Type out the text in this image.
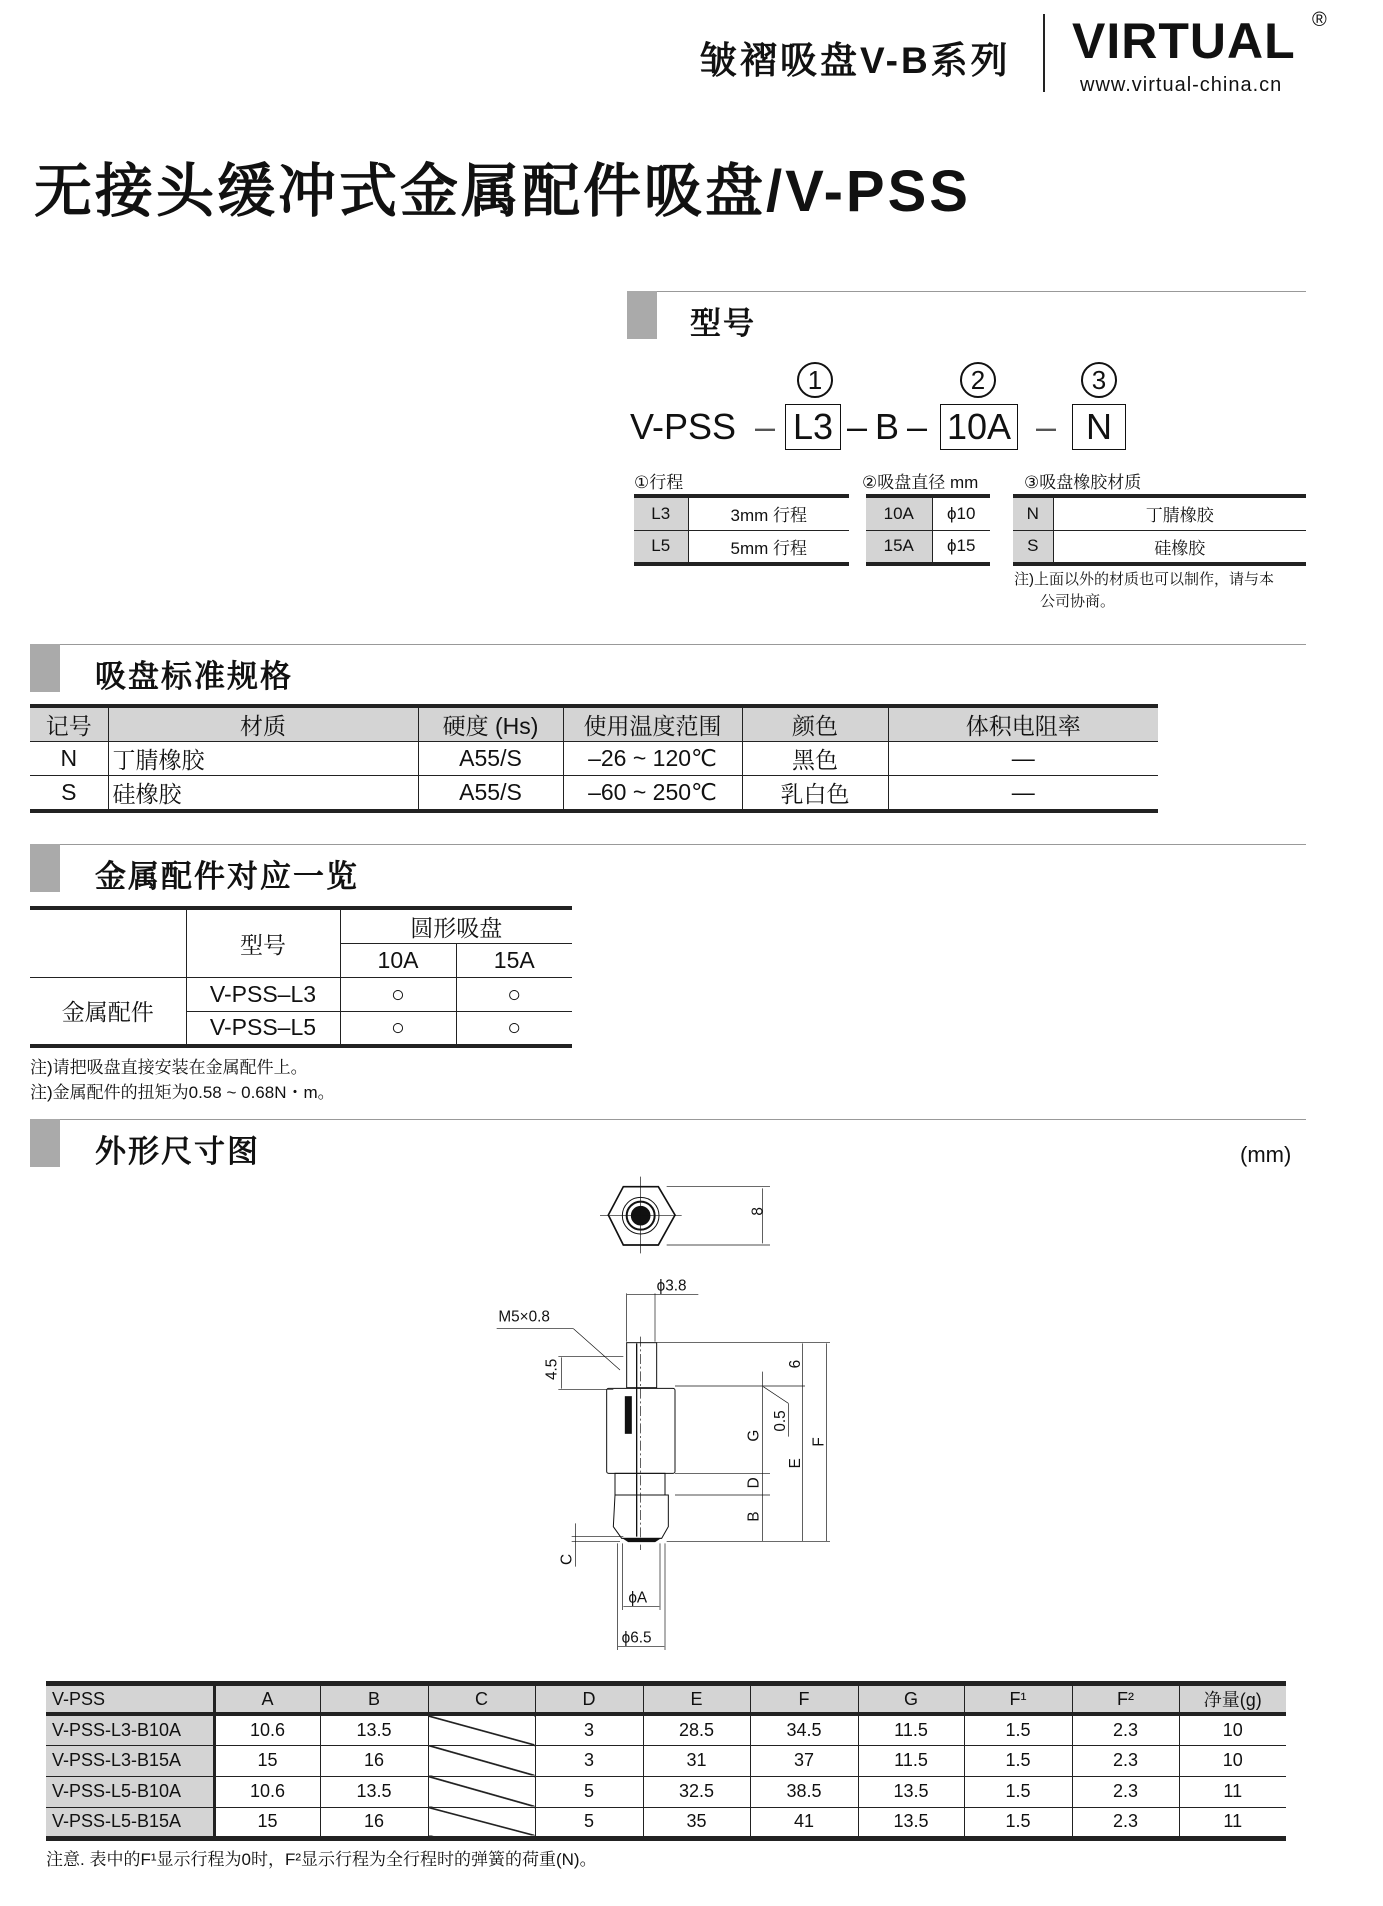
皱褶吸盘V-B系列 VIRTUAL ®
www.virtual-china.cn
无接头缓冲式金属配件吸盘/V-PSS
型号
1	2	3
V-PSS – L3 – B – 10A – N
①行程	②吸盘直径 mm	③吸盘橡胶材质
L3	3mm 行程
L5	5mm 行程
10A	ϕ10
15A	ϕ15
N	丁腈橡胶
S	硅橡胶
注)上面以外的材质也可以制作，请与本
公司协商。
吸盘标准规格
记号	材质	硬度 (Hs)	使用温度范围	颜色	体积电阻率
N	丁腈橡胶	A55/S	–26 ~ 120℃	黑色	—
S	硅橡胶	A55/S	–60 ~ 250℃	乳白色	—
金属配件对应一览
	型号	圆形吸盘	
		10A	15A
金属配件	V-PSS–L3	○	○
	V-PSS–L5	○	○
注)请把吸盘直接安装在金属配件上。
注)金属配件的扭矩为0.58 ~ 0.68N・m。
外形尺寸图	(mm)
8
ϕ3.8
M5×0.8
4.5	6
0.5
G
E
F
D
B
C
ϕA
ϕ6.5
V-PSS	A	B	C	D	E	F	G	F¹	F²	净量(g)
V-PSS-L3-B10A	10.6	13.5		3	28.5	34.5	11.5	1.5	2.3	10
V-PSS-L3-B15A	15	16		3	31	37	11.5	1.5	2.3	10
V-PSS-L5-B10A	10.6	13.5		5	32.5	38.5	13.5	1.5	2.3	11
V-PSS-L5-B15A	15	16		5	35	41	13.5	1.5	2.3	11
注意. 表中的F¹显示行程为0时，F²显示行程为全行程时的弹簧的荷重(N)。
